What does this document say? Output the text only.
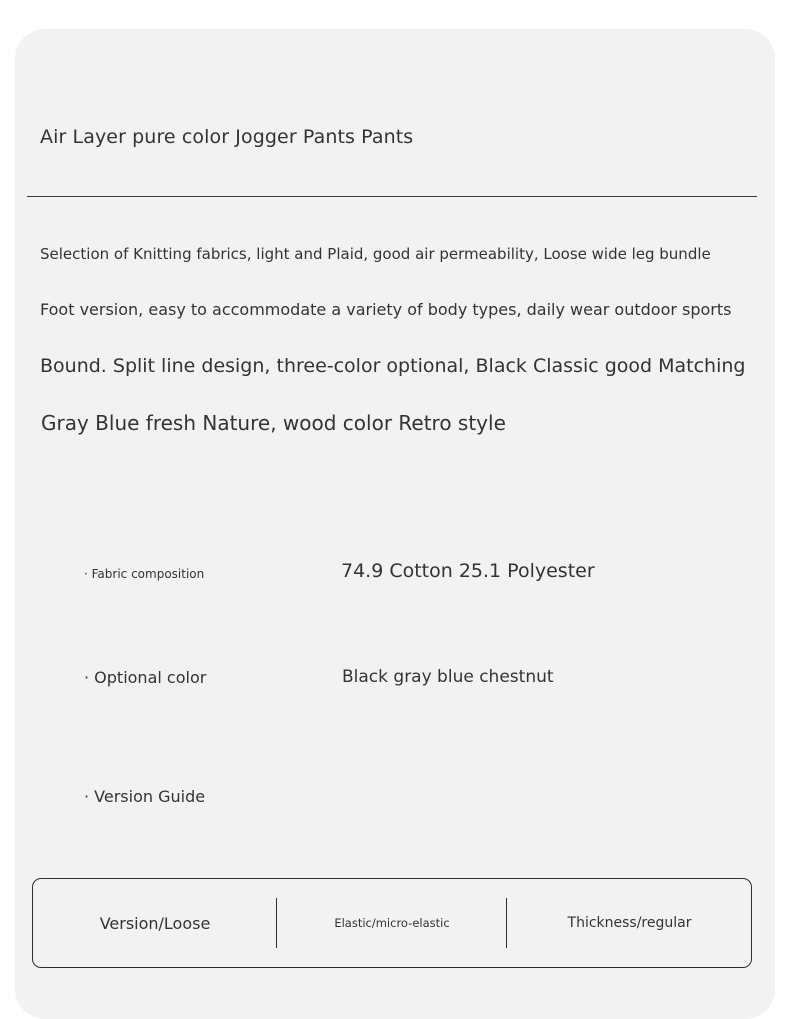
Air Layer pure color Jogger Pants Pants
Selection of Knitting fabrics, light and Plaid, good air permeability, Loose wide leg bundle
Foot version, easy to accommodate a variety of body types, daily wear outdoor sports
Bound. Split line design, three-color optional, Black Classic good Matching
Gray Blue fresh Nature, wood color Retro style
· Fabric composition	74.9 Cotton 25.1 Polyester
· Optional color	Black gray blue chestnut
· Version Guide
Version/Loose	Elastic/micro-elastic	Thickness/regular
